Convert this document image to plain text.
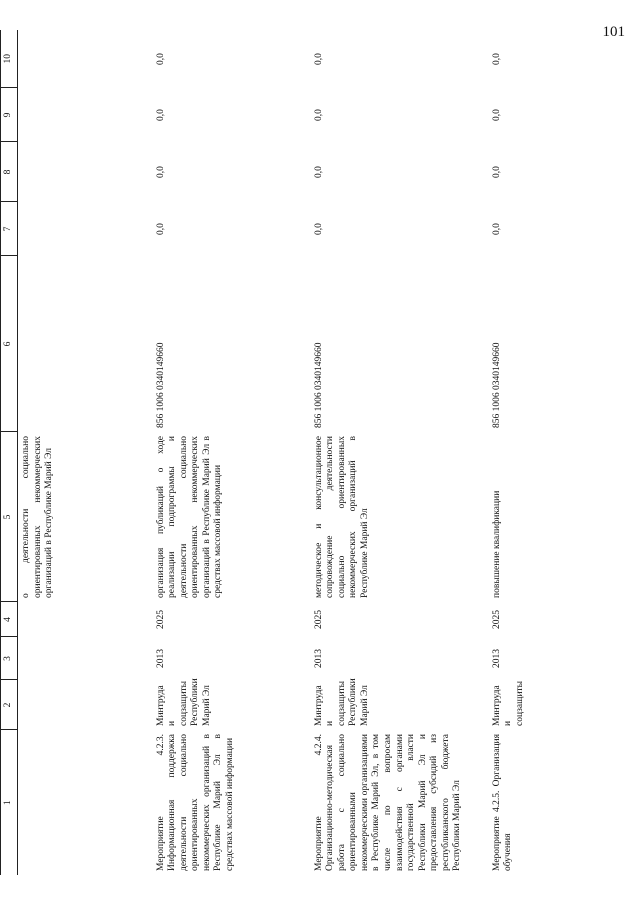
101
1	2	3	4	5	6	7	8	9	10
				о деятельности социально ориентированных некоммерческих организаций в Республике Марий Эл					
Мероприятие 4.2.3. Информационная поддержка деятельности социально ориентированных некоммерческих организаций в Республике Марий Эл в средствах массовой информации	Минтруда и соцзащиты Республики Марий Эл	2013	2025	организация публикаций о ходе реализации подпрограммы и деятельности социально ориентированных некоммерческих организаций в Республике Марий Эл в средствах массовой информации	856 1006 0340149660	0,0	0,0	0,0	0,0
Мероприятие 4.2.4. Организационно-методическая работа с социально ориентированными некоммерческими организациями в Республике Марий Эл, в том числе по вопросам взаимодействия с органами государственной власти Республики Марий Эл и предоставления субсидий из республиканского бюджета Республики Марий Эл	Минтруда и соцзащиты Республики Марий Эл	2013	2025	методическое и консультационное сопровождение деятельности социально ориентированных некоммерческих организаций в Республике Марий Эл	856 1006 0340149660	0,0	0,0	0,0	0,0
Мероприятие 4.2.5. Организация обучения	Минтруда и соцзащиты	2013	2025	повышение квалификации	856 1006 0340149660	0,0	0,0	0,0	0,0
